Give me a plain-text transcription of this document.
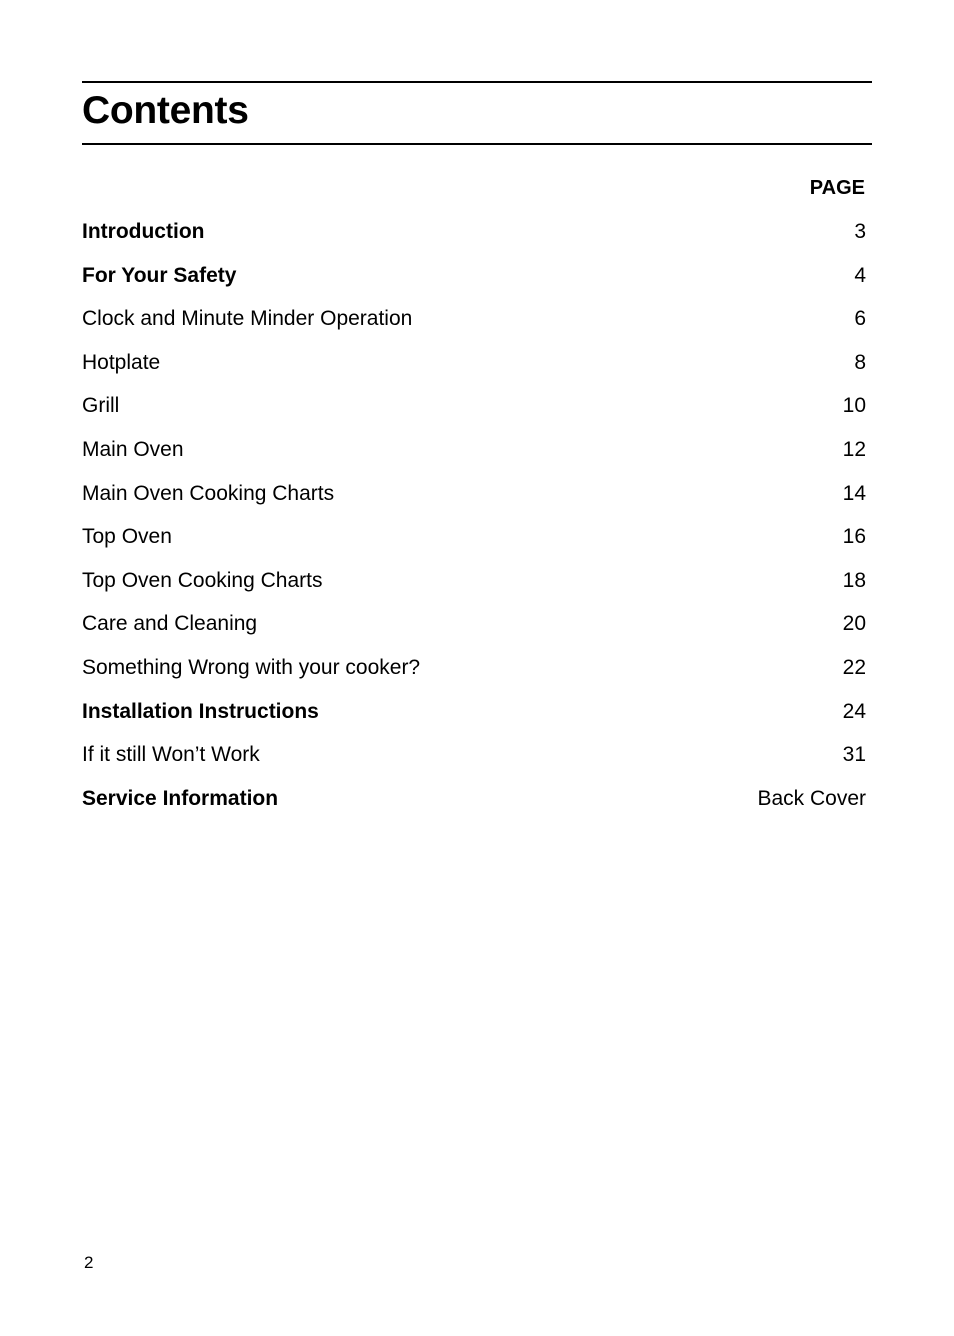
Contents
PAGE
Introduction	3
For Your Safety	4
Clock and Minute Minder Operation	6
Hotplate	8
Grill	10
Main Oven	12
Main Oven Cooking Charts	14
Top Oven	16
Top Oven Cooking Charts	18
Care and Cleaning	20
Something Wrong with your cooker?	22
Installation Instructions	24
If it still Won’t Work	31
Service Information	Back Cover
2
